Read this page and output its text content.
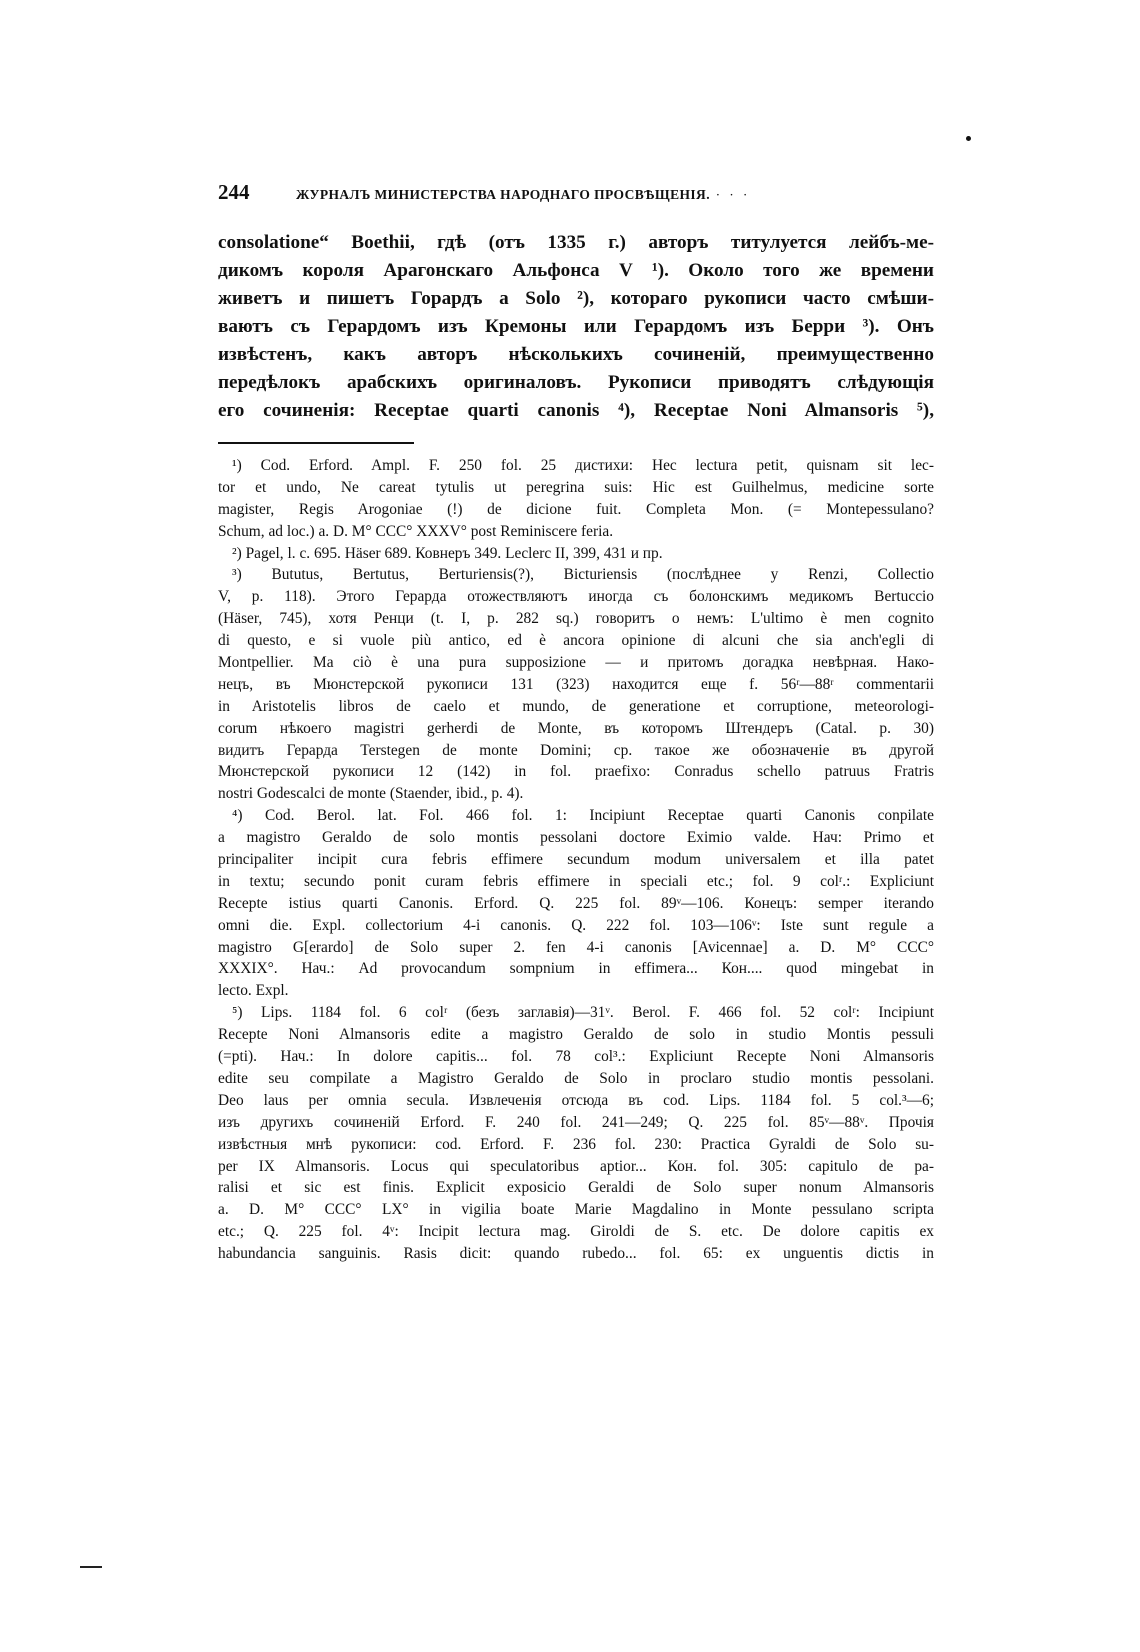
244	ЖУРНАЛЪ МИНИСТЕРСТВА НАРОДНАГО ПРОСВѢЩЕНІЯ. · · ·
consolatione“ Boethii, гдѣ (отъ 1335 г.) авторъ титулуется лейбъ-ме-
дикомъ короля Арагонскаго Альфонса V ¹). Около того же времени
живетъ и пишетъ Горардъ a Solo ²), котораго рукописи часто смѣши-
ваютъ съ Герардомъ изъ Кремоны или Герардомъ изъ Берри ³). Онъ
извѣстенъ, какъ авторъ нѣсколькихъ сочиненій, преимущественно
передѣлокъ арабскихъ оригиналовъ. Рукописи приводятъ слѣдующія
его сочиненія: Receptae quarti canonis ⁴), Receptae Noni Almansoris ⁵),
¹) Cod. Erford. Ampl. F. 250 fol. 25 дистихи: Hec lectura petit, quisnam sit lec-
tor et undo, Ne careat tytulis ut peregrina suis: Hic est Guilhelmus, medicine sorte
magister, Regis Arogoniae (!) de dicione fuit. Completa Mon. (= Montepessulano?
Schum, ad loc.) a. D. M° CCC° XXXV° post Reminiscere feria.
²) Pagel, l. c. 695. Häser 689. Ковнеръ 349. Leclerc II, 399, 431 и пр.
³) Bututus, Bertutus, Berturiensis(?), Bicturiensis (послѣднее у Renzi, Collectio
V, p. 118). Этого Герарда отожествляютъ иногда съ болонскимъ медикомъ Bertuccio
(Häser, 745), хотя Ренци (t. I, p. 282 sq.) говоритъ о немъ: L'ultimo è men cognito
di questo, e si vuole più antico, ed è ancora opinione di alcuni che sia anch'egli di
Montpellier. Ma ciò è una pura supposizione — и притомъ догадка невѣрная. Нако-
нецъ, въ Мюнстерской рукописи 131 (323) находится еще f. 56ʳ—88ʳ commentarii
in Aristotelis libros de caelo et mundo, de generatione et corruptione, meteorologi-
corum нѣкоего magistri gerherdi de Monte, въ которомъ Штендеръ (Catal. p. 30)
видитъ Герарда Terstegen de monte Domini; ср. такое же обозначеніе въ другой
Мюнстерской рукописи 12 (142) in fol. praefixo: Conradus schello patruus Fratris
nostri Godescalci de monte (Staender, ibid., p. 4).
⁴) Cod. Berol. lat. Fol. 466 fol. 1: Incipiunt Receptae quarti Canonis conpilate
a magistro Geraldo de solo montis pessolani doctore Eximio valde. Нач: Primo et
principaliter incipit cura febris effimere secundum modum universalem et illa patet
in textu; secundo ponit curam febris effimere in speciali etc.; fol. 9 colʳ.: Expliciunt
Recepte istius quarti Canonis. Erford. Q. 225 fol. 89ᵛ—106. Конецъ: semper iterando
omni die. Expl. collectorium 4-i canonis. Q. 222 fol. 103—106ᵛ: Iste sunt regule a
magistro G[erardo] de Solo super 2. fen 4-i canonis [Avicennae] a. D. M° CCC°
XXXIX°. Нач.: Ad provocandum sompnium in effimera... Кон.... quod mingebat in
lecto. Expl.
⁵) Lips. 1184 fol. 6 colʳ (безъ заглавія)—31ᵛ. Berol. F. 466 fol. 52 colʳ: Incipiunt
Recepte Noni Almansoris edite a magistro Geraldo de solo in studio Montis pessuli
(=pti). Нач.: In dolore capitis... fol. 78 col³.: Expliciunt Recepte Noni Almansoris
edite seu compilate a Magistro Geraldo de Solo in proclaro studio montis pessolani.
Deo laus per omnia secula. Извлеченія отсюда въ cod. Lips. 1184 fol. 5 col.³—6;
изъ другихъ сочиненій Erford. F. 240 fol. 241—249; Q. 225 fol. 85ᵛ—88ᵛ. Прочія
извѣстныя мнѣ рукописи: cod. Erford. F. 236 fol. 230: Practica Gyraldi de Solo su-
per IX Almansoris. Locus qui speculatoribus aptior... Кон. fol. 305: capitulo de pa-
ralisi et sic est finis. Explicit exposicio Geraldi de Solo super nonum Almansoris
a. D. M° CCC° LX° in vigilia boate Marie Magdalino in Monte pessulano scripta
etc.; Q. 225 fol. 4ᵛ: Incipit lectura mag. Giroldi de S. etc. De dolore capitis ex
habundancia sanguinis. Rasis dicit: quando rubedo... fol. 65: ex unguentis dictis in
